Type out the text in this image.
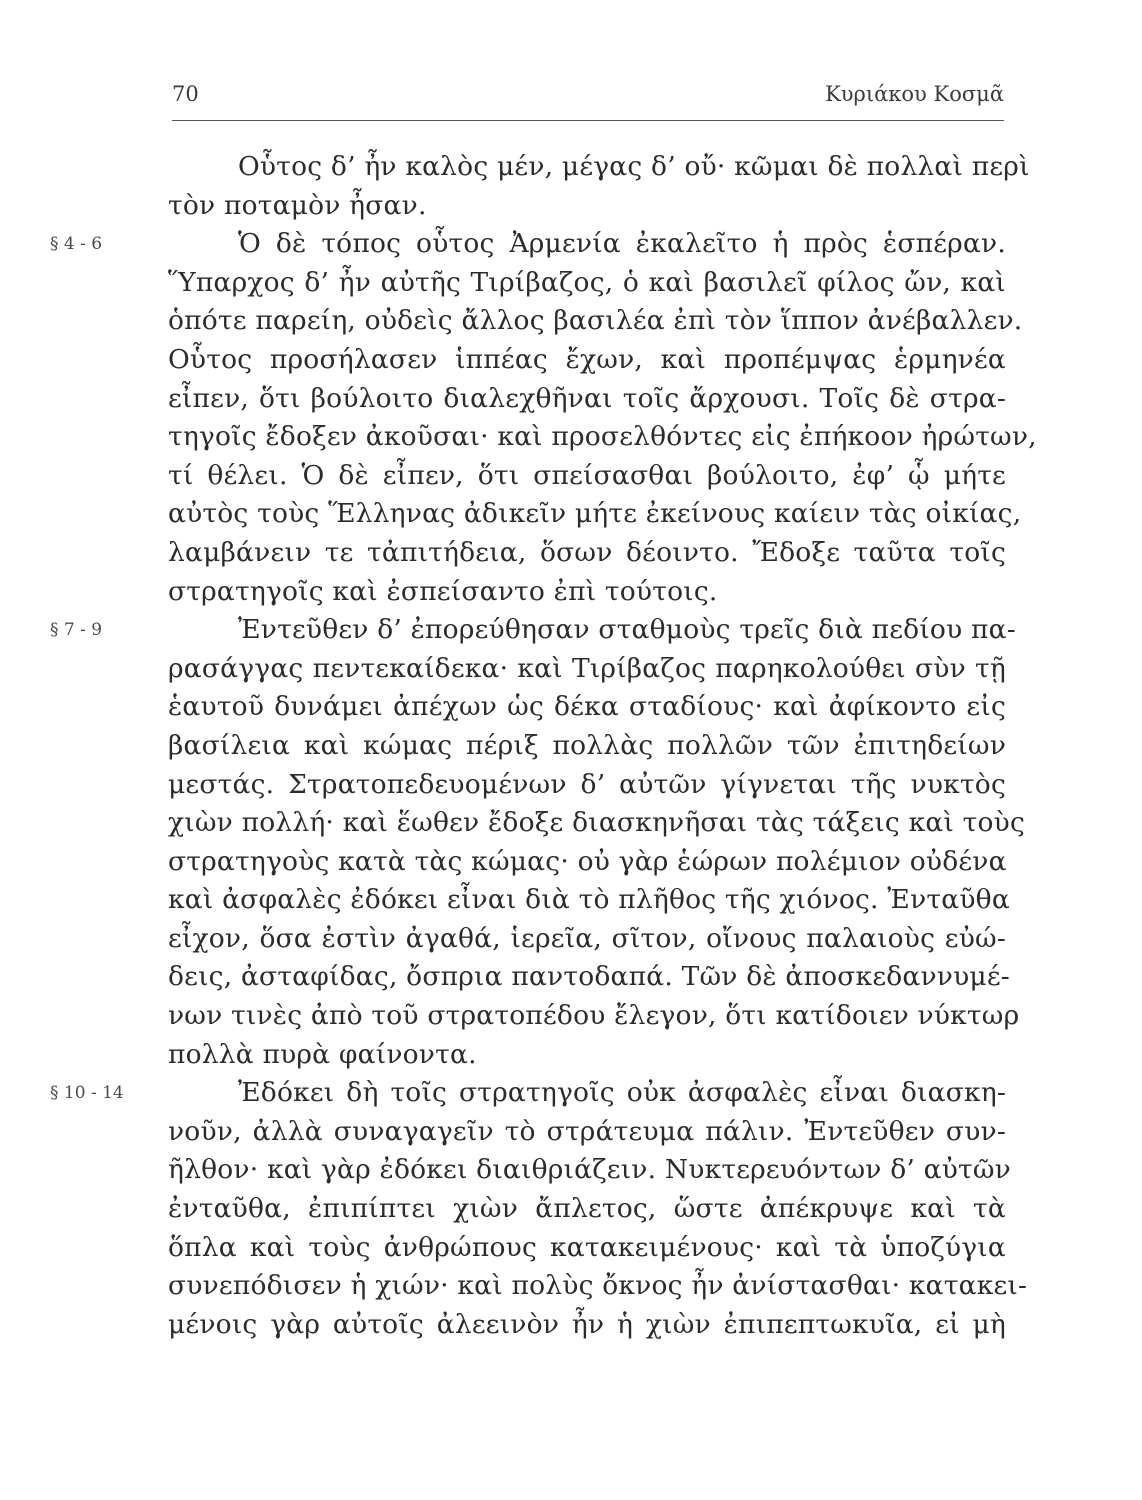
70	Κυριάκου Κοσμᾶ
Οὗτος δ’ ἦν καλὸς μέν, μέγας δ’ οὔ· κῶμαι δὲ πολλαὶ περὶ
τὸν ποταμὸν ἦσαν.
§ 4 - 6	Ὁ δὲ τόπος οὗτος Ἀρμενία ἐκαλεῖτο ἡ πρὸς ἑσπέραν.
Ὕπαρχος δ’ ἦν αὐτῆς Τιρίβαζος, ὁ καὶ βασιλεῖ φίλος ὤν, καὶ
ὁπότε παρείη, οὐδεὶς ἄλλος βασιλέα ἐπὶ τὸν ἵππον ἀνέβαλλεν.
Οὗτος προσήλασεν ἱππέας ἔχων, καὶ προπέμψας ἑρμηνέα
εἶπεν, ὅτι βούλοιτο διαλεχθῆναι τοῖς ἄρχουσι. Τοῖς δὲ στρα-
τηγοῖς ἔδοξεν ἀκοῦσαι· καὶ προσελθόντες εἰς ἐπήκοον ἠρώτων,
τί θέλει. Ὁ δὲ εἶπεν, ὅτι σπείσασθαι βούλοιτο, ἐφ’ ᾧ μήτε
αὐτὸς τοὺς Ἕλληνας ἀδικεῖν μήτε ἐκείνους καίειν τὰς οἰκίας,
λαμβάνειν τε τἀπιτήδεια, ὅσων δέοιντο. Ἔδοξε ταῦτα τοῖς
στρατηγοῖς καὶ ἐσπείσαντο ἐπὶ τούτοις.
§ 7 - 9	Ἐντεῦθεν δ’ ἐπορεύθησαν σταθμοὺς τρεῖς διὰ πεδίου πα-
ρασάγγας πεντεκαίδεκα· καὶ Τιρίβαζος παρηκολούθει σὺν τῇ
ἑαυτοῦ δυνάμει ἀπέχων ὡς δέκα σταδίους· καὶ ἀφίκοντο εἰς
βασίλεια καὶ κώμας πέριξ πολλὰς πολλῶν τῶν ἐπιτηδείων
μεστάς. Στρατοπεδευομένων δ’ αὐτῶν γίγνεται τῆς νυκτὸς
χιὼν πολλή· καὶ ἕωθεν ἔδοξε διασκηνῆσαι τὰς τάξεις καὶ τοὺς
στρατηγοὺς κατὰ τὰς κώμας· οὐ γὰρ ἑώρων πολέμιον οὐδένα
καὶ ἀσφαλὲς ἐδόκει εἶναι διὰ τὸ πλῆθος τῆς χιόνος. Ἐνταῦθα
εἶχον, ὅσα ἐστὶν ἀγαθά, ἱερεῖα, σῖτον, οἴνους παλαιοὺς εὐώ-
δεις, ἀσταφίδας, ὄσπρια παντοδαπά. Τῶν δὲ ἀποσκεδαννυμέ-
νων τινὲς ἀπὸ τοῦ στρατοπέδου ἔλεγον, ὅτι κατίδοιεν νύκτωρ
πολλὰ πυρὰ φαίνοντα.
§ 10 - 14	Ἐδόκει δὴ τοῖς στρατηγοῖς οὐκ ἀσφαλὲς εἶναι διασκη-
νοῦν, ἀλλὰ συναγαγεῖν τὸ στράτευμα πάλιν. Ἐντεῦθεν συν-
ῆλθον· καὶ γὰρ ἐδόκει διαιθριάζειν. Νυκτερευόντων δ’ αὐτῶν
ἐνταῦθα, ἐπιπίπτει χιὼν ἄπλετος, ὥστε ἀπέκρυψε καὶ τὰ
ὅπλα καὶ τοὺς ἀνθρώπους κατακειμένους· καὶ τὰ ὑποζύγια
συνεπόδισεν ἡ χιών· καὶ πολὺς ὄκνος ἦν ἀνίστασθαι· κατακει-
μένοις γὰρ αὐτοῖς ἀλεεινὸν ἦν ἡ χιὼν ἐπιπεπτωκυῖα, εἰ μὴ
